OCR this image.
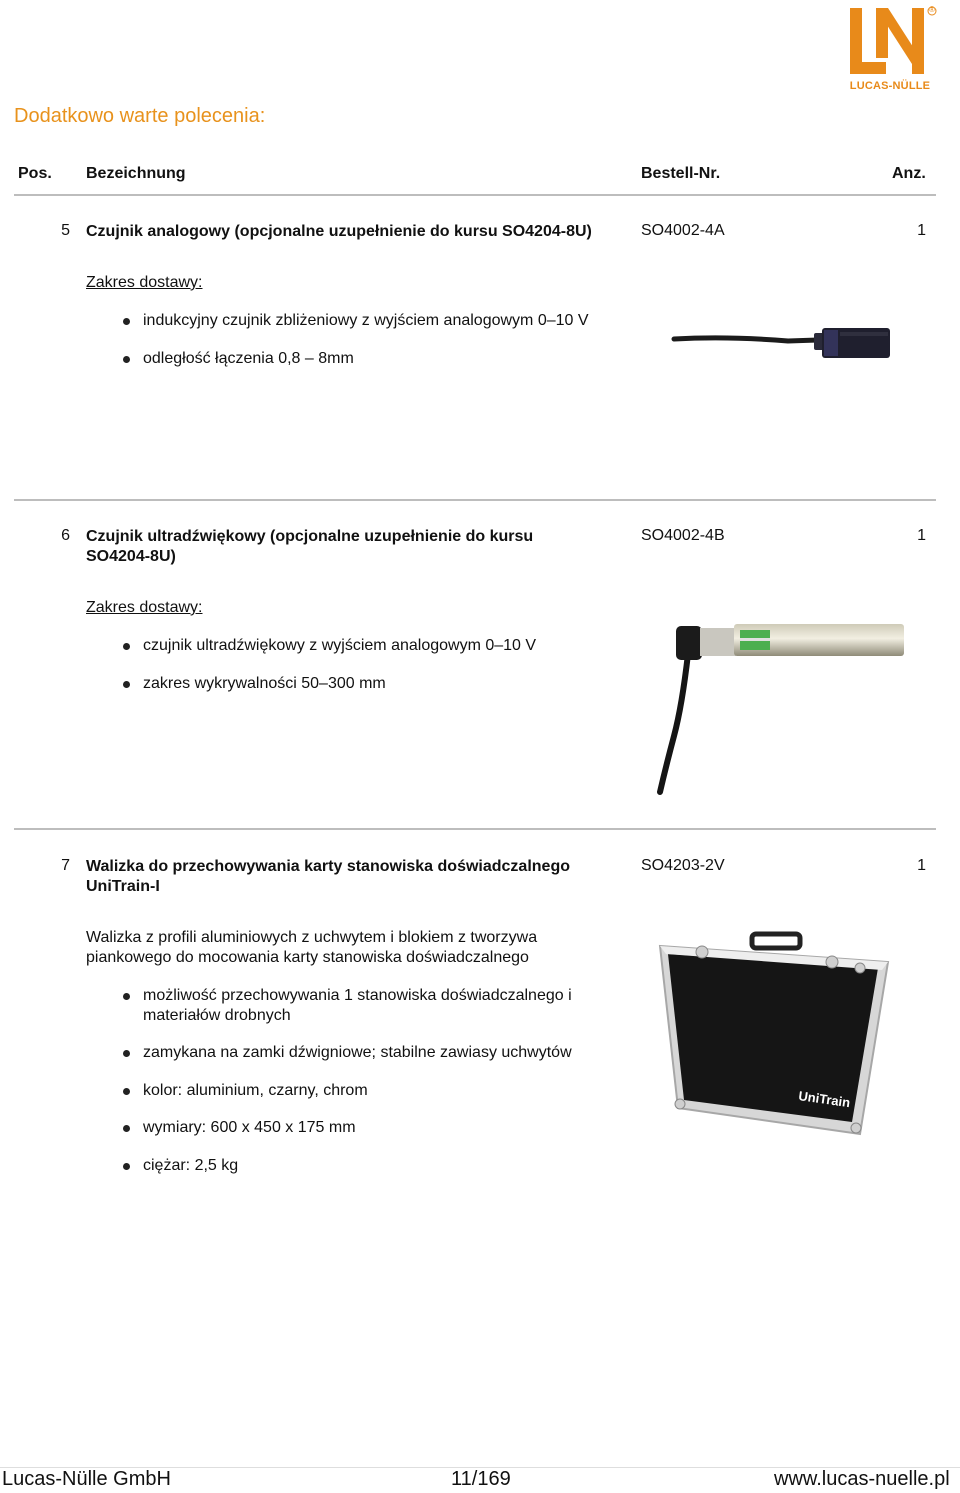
®
LUCAS-NÜLLE
Dodatkowo warte polecenia:
Pos. Bezeichnung	Bestell-Nr.	Anz.
5 Czujnik analogowy (opcjonalne uzupełnienie do kursu SO4204-8U)	SO4002-4A	1
Zakres dostawy:
indukcyjny czujnik zbliżeniowy z wyjściem analogowym 0–10 V
odległość łączenia 0,8 – 8mm
6 Czujnik ultradźwiękowy (opcjonalne uzupełnienie do kursu
SO4204-8U)
SO4002-4B	1
Zakres dostawy:
czujnik ultradźwiękowy z wyjściem analogowym 0–10 V
zakres wykrywalności 50–300 mm
7 Walizka do przechowywania karty stanowiska doświadczalnego
UniTrain-I
SO4203-2V	1
Walizka z profili aluminiowych z uchwytem i blokiem z tworzywa
piankowego do mocowania karty stanowiska doświadczalnego
możliwość przechowywania 1 stanowiska doświadczalnego i
materiałów drobnych
zamykana na zamki dźwigniowe; stabilne zawiasy uchwytów
kolor: aluminium, czarny, chrom
wymiary: 600 x 450 x 175 mm
ciężar: 2,5 kg
UniTrain
Lucas-Nülle GmbH	11/169	www.lucas-nuelle.pl
